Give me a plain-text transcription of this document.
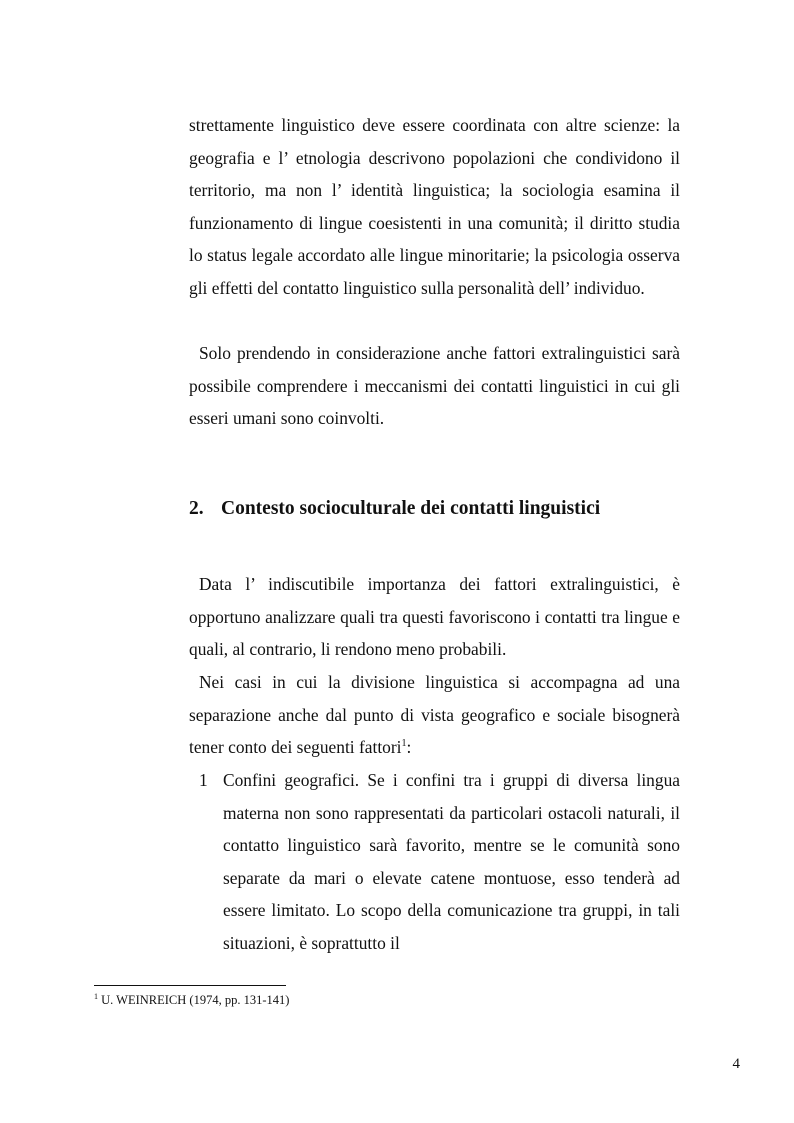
strettamente linguistico deve essere coordinata con altre scienze: la geografia e l’ etnologia descrivono popolazioni che condividono il territorio, ma non l’ identità linguistica; la sociologia esamina il funzionamento di lingue coesistenti in una comunità; il diritto studia lo status legale accordato alle lingue minoritarie; la psicologia osserva gli effetti del contatto linguistico sulla personalità dell’ individuo.

Solo prendendo in considerazione anche fattori extralinguistici sarà possibile comprendere i meccanismi dei contatti linguistici in cui gli esseri umani sono coinvolti.

2. Contesto socioculturale dei contatti linguistici

Data l’ indiscutibile importanza dei fattori extralinguistici, è opportuno analizzare quali tra questi favoriscono i contatti tra lingue e quali, al contrario, li rendono meno probabili.

Nei casi in cui la divisione linguistica si accompagna ad una separazione anche dal punto di vista geografico e sociale bisognerà tener conto dei seguenti fattori$^1$:

1 Confini geografici. Se i confini tra i gruppi di diversa lingua materna non sono rappresentati da particolari ostacoli naturali, il contatto linguistico sarà favorito, mentre se le comunità sono separate da mari o elevate catene montuose, esso tenderà ad essere limitato. Lo scopo della comunicazione tra gruppi, in tali situazioni, è soprattutto il

$^1$ U. WEINREICH (1974, pp. 131-141)

4
